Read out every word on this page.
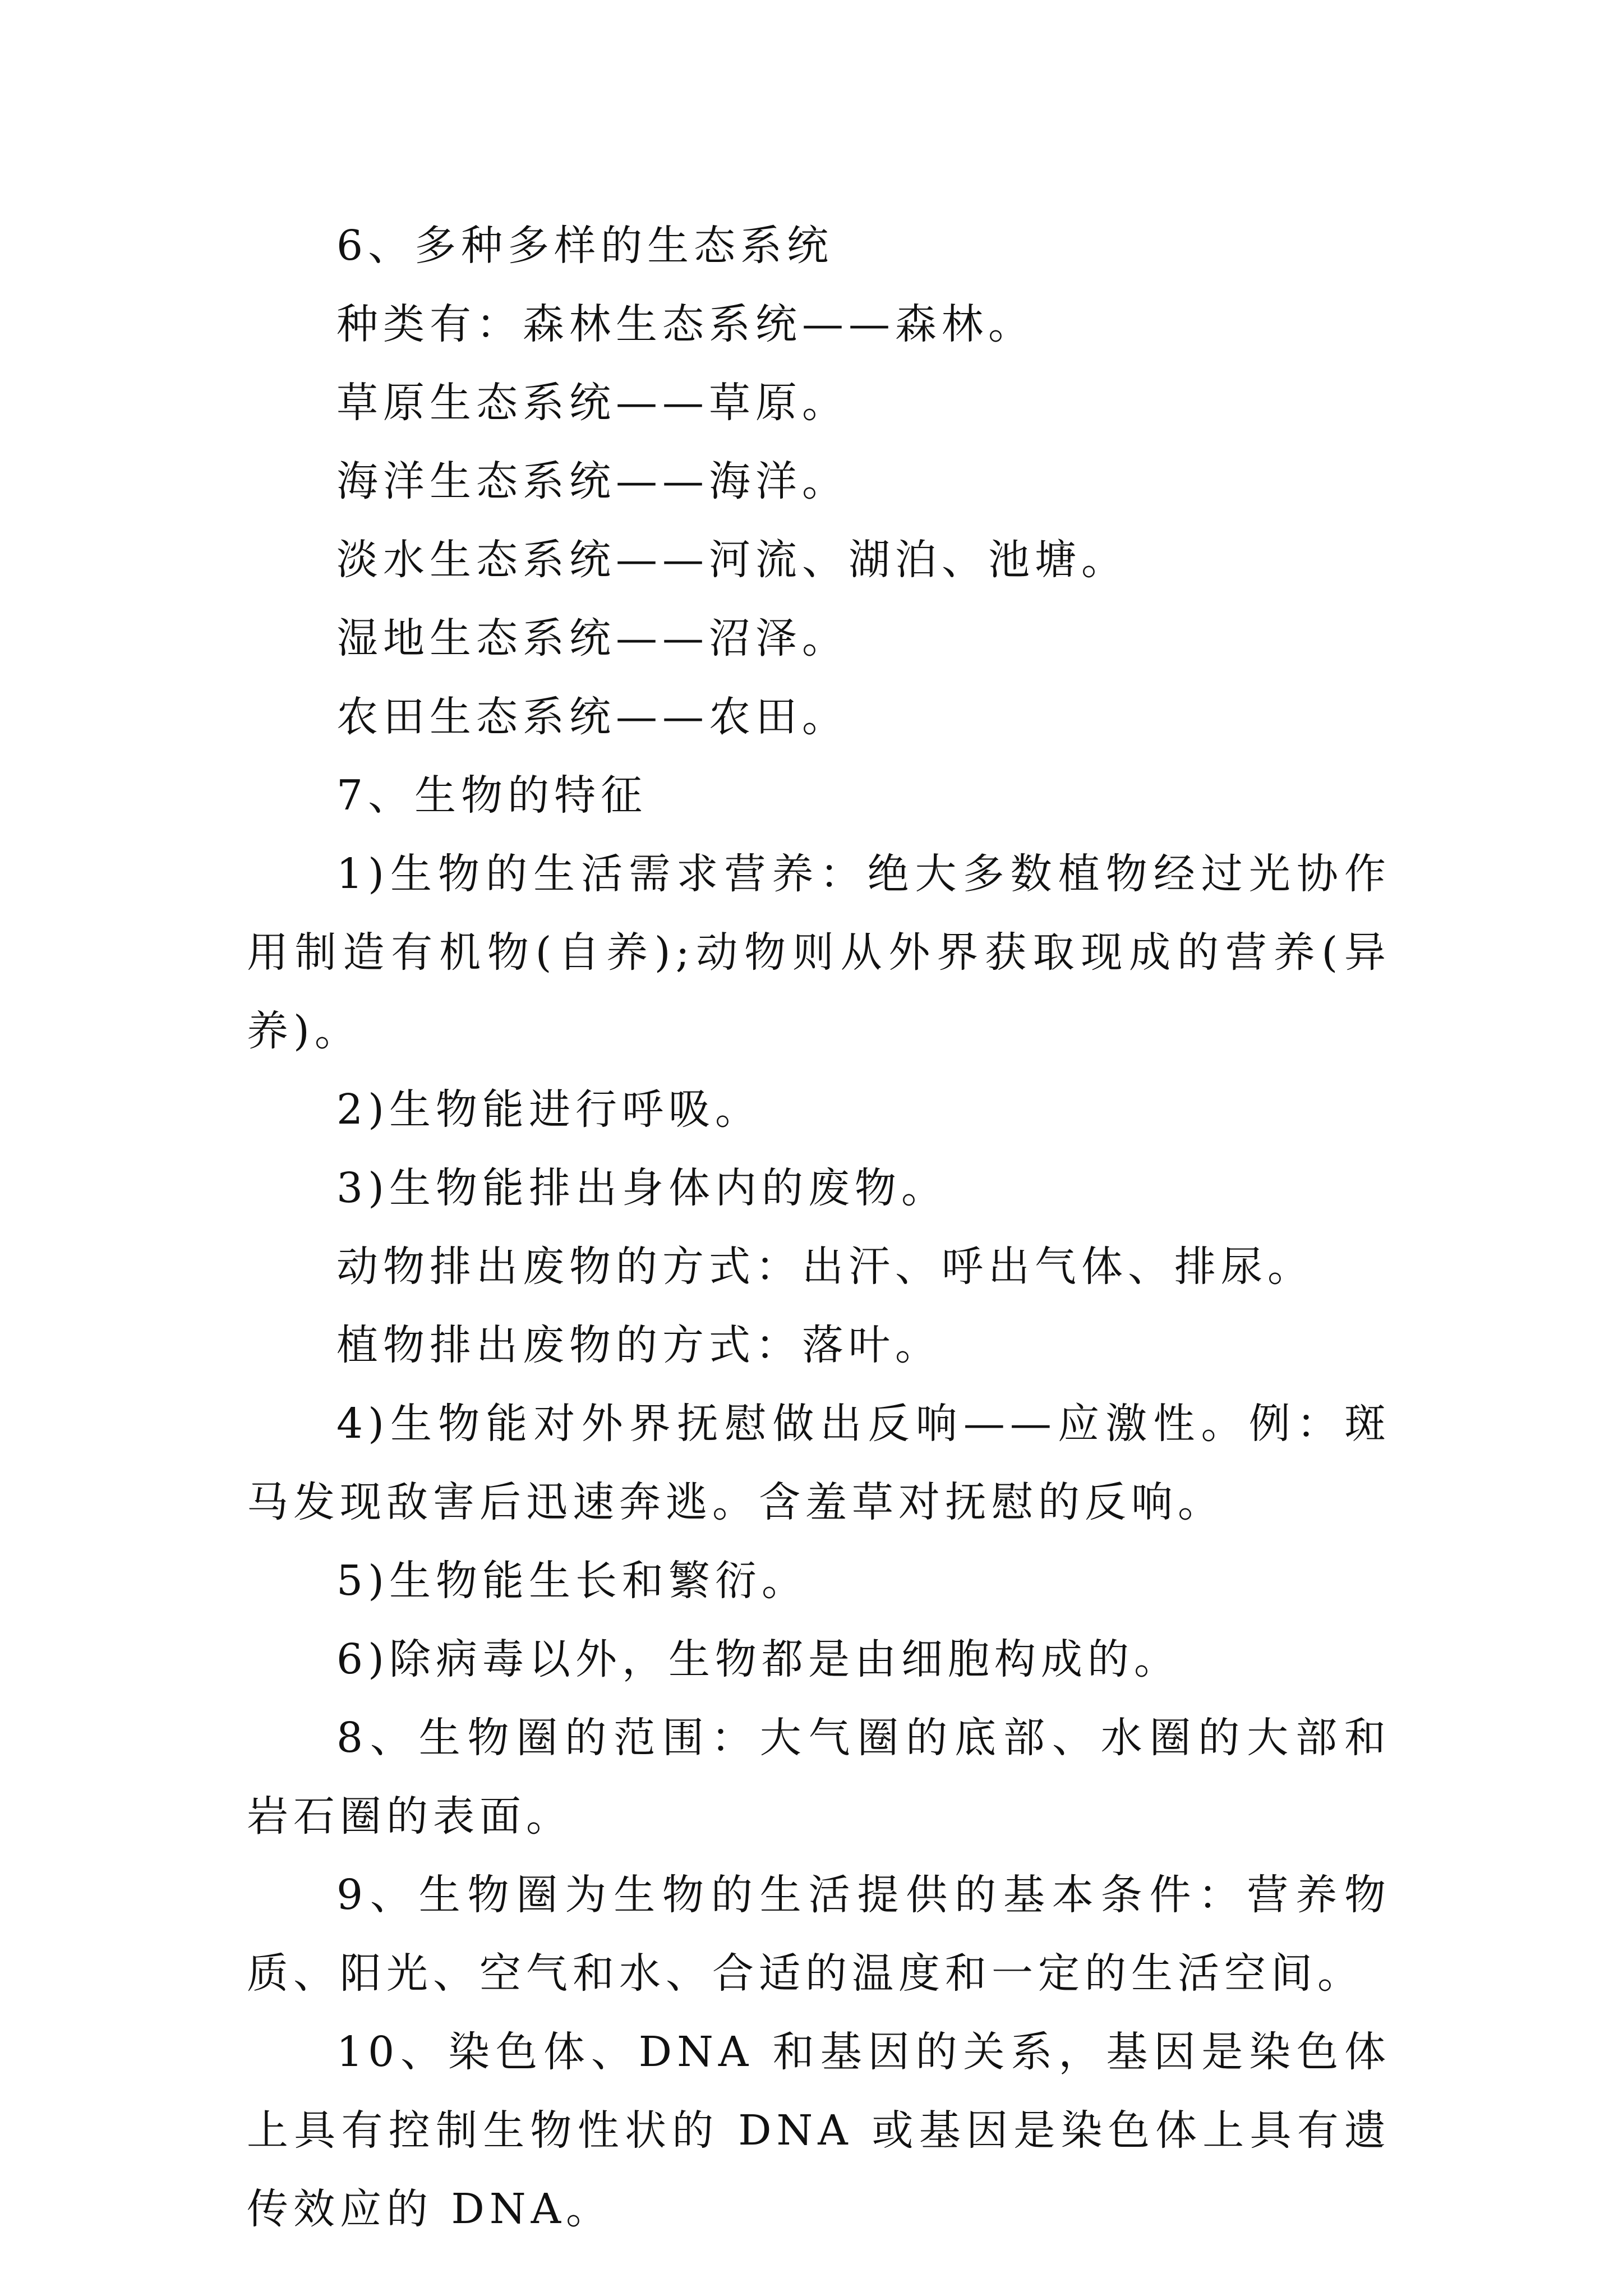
6、多种多样的生态系统
种类有：森林生态系统——森林。
草原生态系统——草原。
海洋生态系统——海洋。
淡水生态系统——河流、湖泊、池塘。
湿地生态系统——沼泽。
农田生态系统——农田。
7、生物的特征
1)生物的生活需求营养：绝大多数植物经过光协作用制造有机物(自养);动物则从外界获取现成的营养(异养)。
2)生物能进行呼吸。
3)生物能排出身体内的废物。
动物排出废物的方式：出汗、呼出气体、排尿。
植物排出废物的方式：落叶。
4)生物能对外界抚慰做出反响——应激性。例：斑马发现敌害后迅速奔逃。含羞草对抚慰的反响。
5)生物能生长和繁衍。
6)除病毒以外，生物都是由细胞构成的。
8、生物圈的范围：大气圈的底部、水圈的大部和岩石圈的表面。
9、生物圈为生物的生活提供的基本条件：营养物质、阳光、空气和水、合适的温度和一定的生活空间。
10、染色体、DNA 和基因的关系，基因是染色体上具有控制生物性状的 DNA 或基因是染色体上具有遗传效应的 DNA。
